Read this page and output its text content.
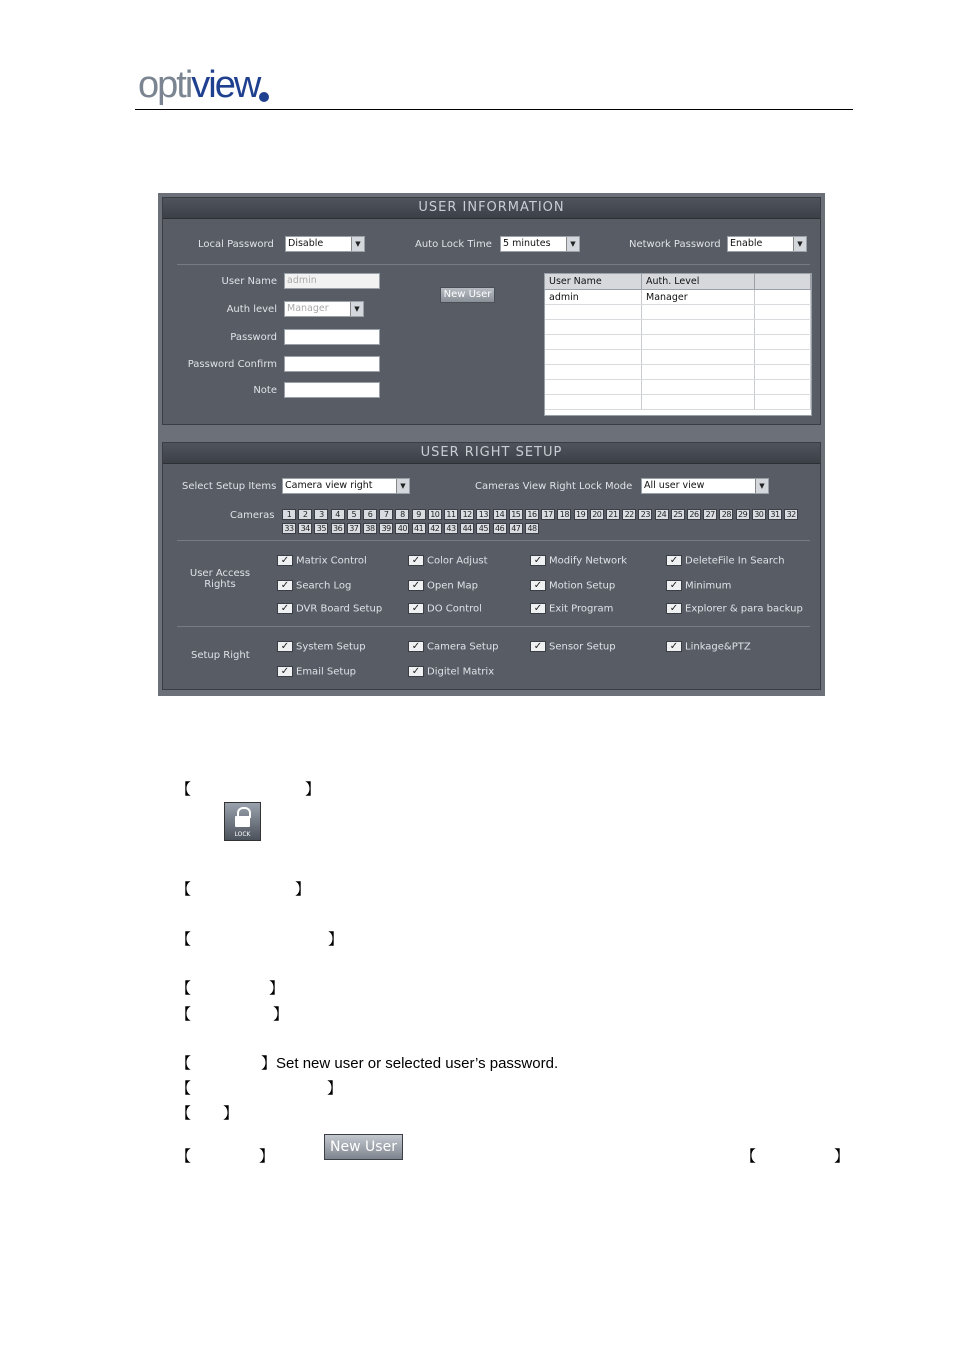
optiview
USER INFORMATION
Local Password	Disable	▼	Auto Lock Time	5 minutes	▼	Network Password Enable	▼
User Name	admin
Auth level	Manager	▼
Password
Password Confirm
Note
New User
User Name	Auth. Level	
admin	Manager	

USER RIGHT SETUP
Select Setup Items Camera view right	▼	Cameras View Right Lock Mode	All user view	▼
Cameras	1	2	3	4	5	6	7	8	9	10 11 12 13 14 15 16 17 18 19 20 21 22 23 24 25 26 27 28 29 30 31 32
33 34 35 36 37 38 39 40 41 42 43 44 45 46 47 48
User Access Rights
✓ Matrix Control	✓ Color Adjust	✓ Modify Network	✓ DeleteFile In Search
✓ Search Log	✓ Open Map	✓ Motion Setup	✓ Minimum
✓ DVR Board Setup	✓ DO Control	✓ Exit Program	✓ Explorer & para backup
Setup Right
✓ System Setup	✓ Camera Setup	✓ Sensor Setup	✓ Linkage&PTZ
✓ Email Setup	✓ Digitel Matrix
【	】
LOCK
【	】
【	】
【	】
【	】
【	】Set new user or selected user’s password.
【	】
【 】
【	】
New User
【	】
